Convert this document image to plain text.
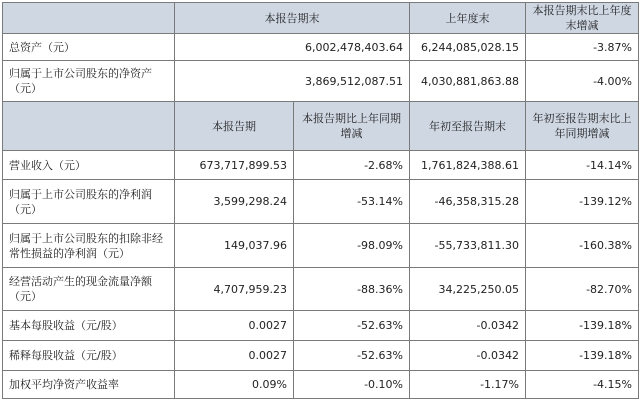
	本报告期末		上年度末	本报告期末比上年度末增减
总资产（元）	6,002,478,403.64		6,244,085,028.15	-3.87%
归属于上市公司股东的净资产（元）	3,869,512,087.51		4,030,881,863.88	-4.00%
	本报告期	本报告期比上年同期增减	年初至报告期末	年初至报告期末比上年同期增减
营业收入（元）	673,717,899.53	-2.68%	1,761,824,388.61	-14.14%
归属于上市公司股东的净利润（元）	3,599,298.24	-53.14%	-46,358,315.28	-139.12%
归属于上市公司股东的扣除非经常性损益的净利润（元）	149,037.96	-98.09%	-55,733,811.30	-160.38%
经营活动产生的现金流量净额（元）	4,707,959.23	-88.36%	34,225,250.05	-82.70%
基本每股收益（元/股）	0.0027	-52.63%	-0.0342	-139.18%
稀释每股收益（元/股）	0.0027	-52.63%	-0.0342	-139.18%
加权平均净资产收益率	0.09%	-0.10%	-1.17%	-4.15%
